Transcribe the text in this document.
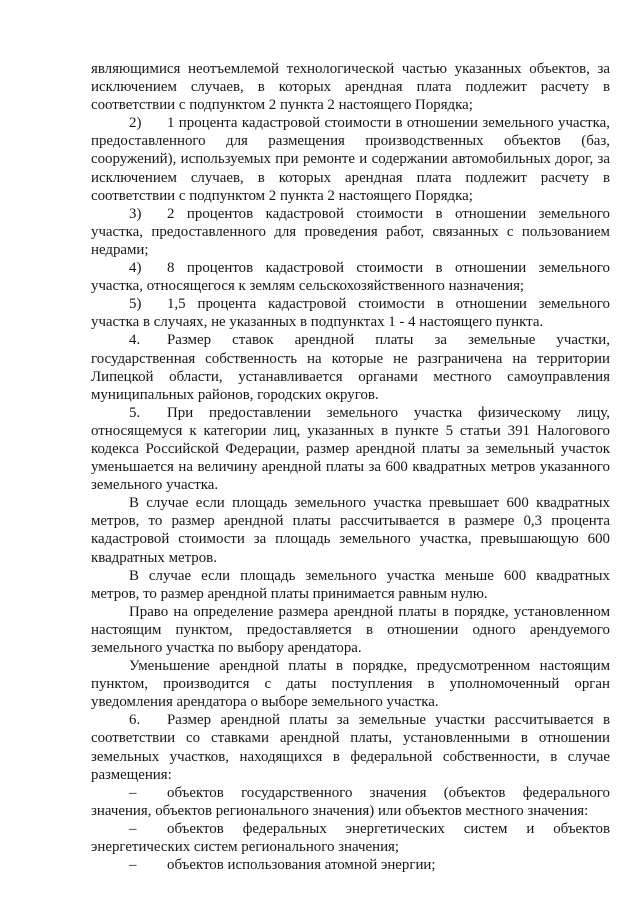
являющимися неотъемлемой технологической частью указанных объектов, за исключением случаев, в которых арендная плата подлежит расчету в соответствии с подпунктом 2 пункта 2 настоящего Порядка;

2) 1 процента кадастровой стоимости в отношении земельного участка, предоставленного для размещения производственных объектов (баз, сооружений), используемых при ремонте и содержании автомобильных дорог, за исключением случаев, в которых арендная плата подлежит расчету в соответствии с подпунктом 2 пункта 2 настоящего Порядка;

3) 2 процентов кадастровой стоимости в отношении земельного участка, предоставленного для проведения работ, связанных с пользованием недрами;

4) 8 процентов кадастровой стоимости в отношении земельного участка, относящегося к землям сельскохозяйственного назначения;

5) 1,5 процента кадастровой стоимости в отношении земельного участка в случаях, не указанных в подпунктах 1 - 4 настоящего пункта.

4. Размер ставок арендной платы за земельные участки, государственная собственность на которые не разграничена на территории Липецкой области, устанавливается органами местного самоуправления муниципальных районов, городских округов.

5. При предоставлении земельного участка физическому лицу, относящемуся к категории лиц, указанных в пункте 5 статьи 391 Налогового кодекса Российской Федерации, размер арендной платы за земельный участок уменьшается на величину арендной платы за 600 квадратных метров указанного земельного участка.

В случае если площадь земельного участка превышает 600 квадратных метров, то размер арендной платы рассчитывается в размере 0,3 процента кадастровой стоимости за площадь земельного участка, превышающую 600 квадратных метров.

В случае если площадь земельного участка меньше 600 квадратных метров, то размер арендной платы принимается равным нулю.

Право на определение размера арендной платы в порядке, установленном настоящим пунктом, предоставляется в отношении одного арендуемого земельного участка по выбору арендатора.

Уменьшение арендной платы в порядке, предусмотренном настоящим пунктом, производится с даты поступления в уполномоченный орган уведомления арендатора о выборе земельного участка.

6. Размер арендной платы за земельные участки рассчитывается в соответствии со ставками арендной платы, установленными в отношении земельных участков, находящихся в федеральной собственности, в случае размещения:

– объектов государственного значения (объектов федерального значения, объектов регионального значения) или объектов местного значения:

– объектов федеральных энергетических систем и объектов энергетических систем регионального значения;

– объектов использования атомной энергии;
